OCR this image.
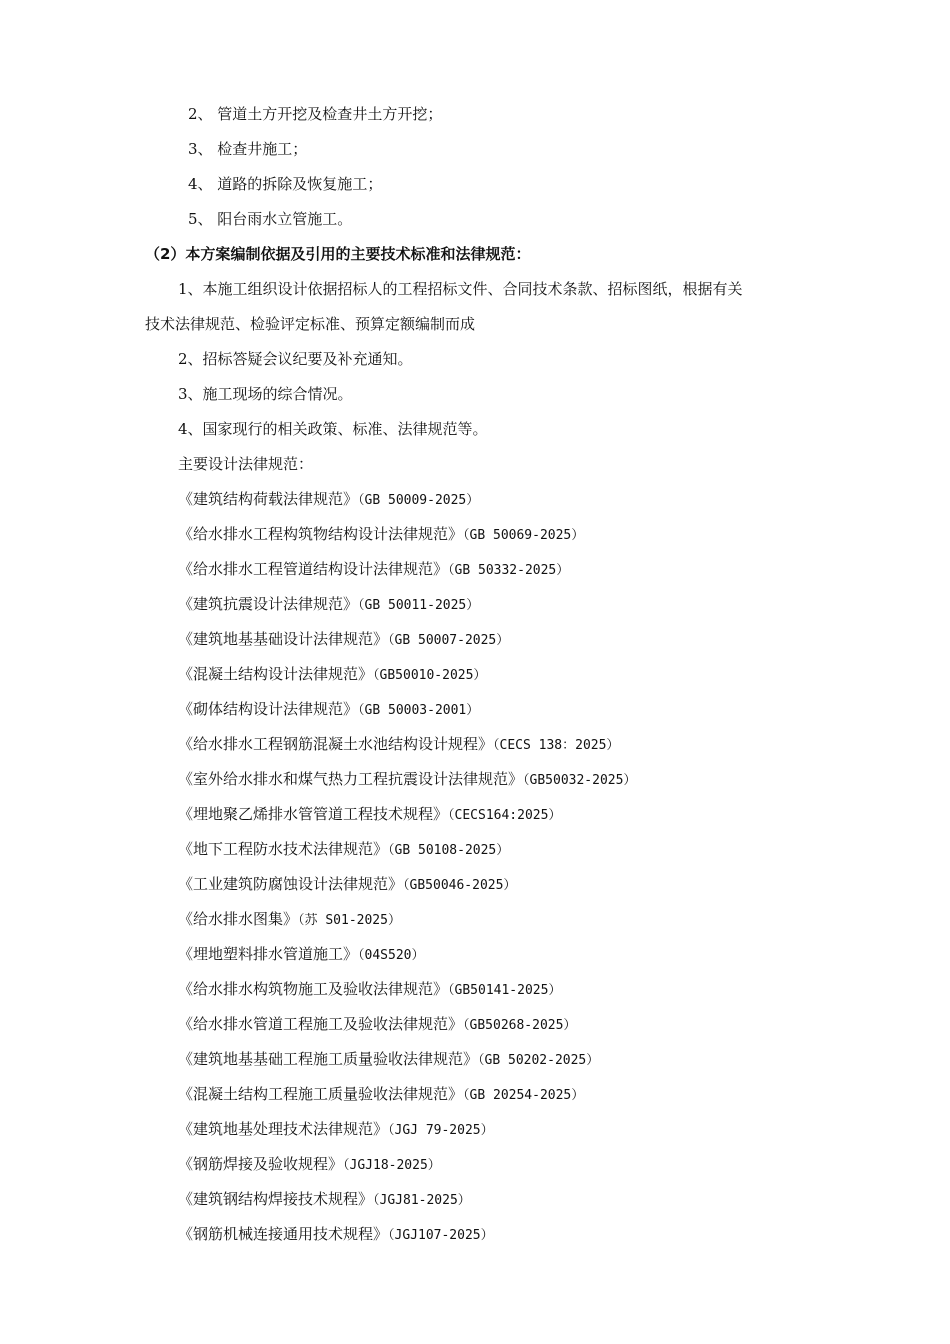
2、 管道土方开挖及检查井土方开挖；
3、 检查井施工；
4、 道路的拆除及恢复施工；
5、 阳台雨水立管施工。
（2）本方案编制依据及引用的主要技术标准和法律规范：
1、本施工组织设计依据招标人的工程招标文件、合同技术条款、招标图纸，根据有关
技术法律规范、检验评定标准、预算定额编制而成
2、招标答疑会议纪要及补充通知。
3、施工现场的综合情况。
4、国家现行的相关政策、标准、法律规范等。
主要设计法律规范：
《建筑结构荷载法律规范》（GB 50009-2025）
《给水排水工程构筑物结构设计法律规范》（GB 50069-2025）
《给水排水工程管道结构设计法律规范》（GB 50332-2025）
《建筑抗震设计法律规范》（GB 50011-2025）
《建筑地基基础设计法律规范》（GB 50007-2025）
《混凝土结构设计法律规范》（GB50010-2025）
《砌体结构设计法律规范》（GB 50003-2001）
《给水排水工程钢筋混凝土水池结构设计规程》（CECS 138：2025）
《室外给水排水和煤气热力工程抗震设计法律规范》（GB50032-2025）
《埋地聚乙烯排水管管道工程技术规程》（CECS164:2025）
《地下工程防水技术法律规范》（GB 50108-2025）
《工业建筑防腐蚀设计法律规范》（GB50046-2025）
《给水排水图集》（苏 S01-2025）
《埋地塑料排水管道施工》（04S520）
《给水排水构筑物施工及验收法律规范》（GB50141-2025）
《给水排水管道工程施工及验收法律规范》（GB50268-2025）
《建筑地基基础工程施工质量验收法律规范》（GB 50202-2025）
《混凝土结构工程施工质量验收法律规范》（GB 20254-2025）
《建筑地基处理技术法律规范》（JGJ 79-2025）
《钢筋焊接及验收规程》（JGJ18-2025）
《建筑钢结构焊接技术规程》（JGJ81-2025）
《钢筋机械连接通用技术规程》（JGJ107-2025）
